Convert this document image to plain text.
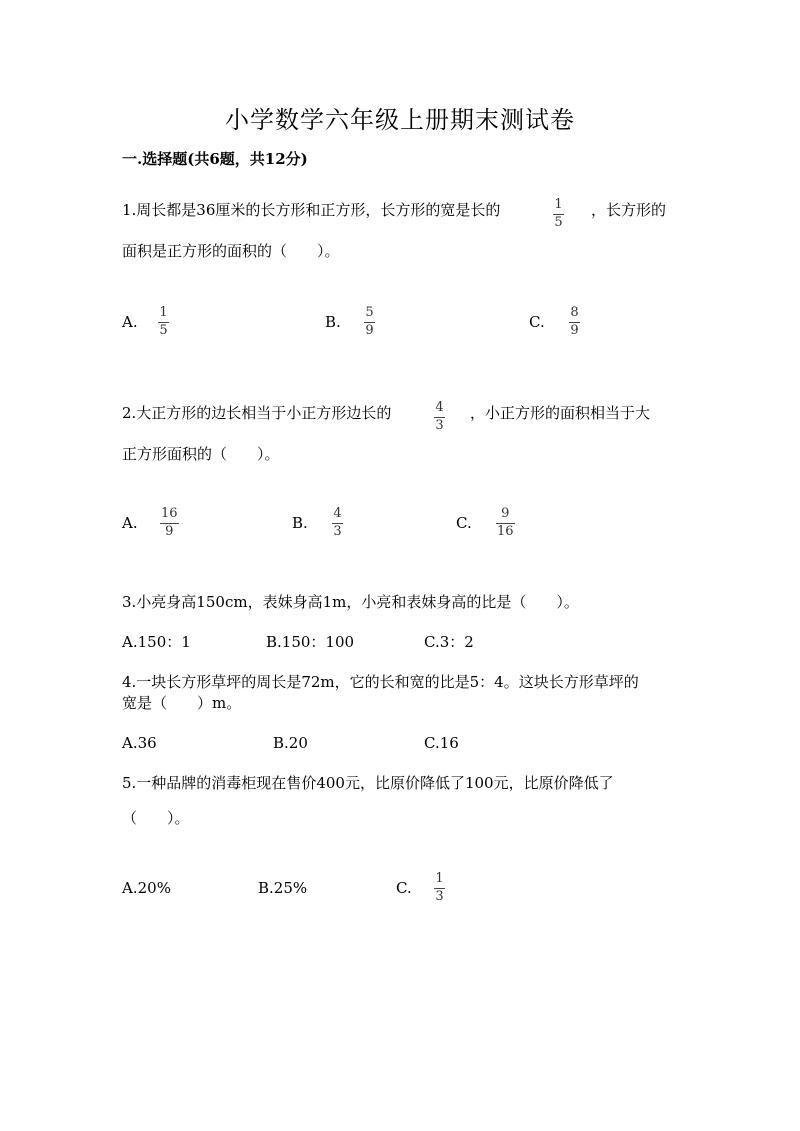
小学数学六年级上册期末测试卷
一.选择题(共6题，共12分)
1.周长都是36厘米的长方形和正方形，长方形的宽是长的	1
5
，长方形的
面积是正方形的面积的（　　）。
A.
1
5	B.
5
9	C.
8
9
2.大正方形的边长相当于小正方形边长的	4
3
，小正方形的面积相当于大
正方形面积的（　　）。
A.
16
9	B.
4
3	C.
9
16
3.小亮身高150cm，表妹身高1m，小亮和表妹身高的比是（　　）。
A.150：1	B.150：100	C.3：2
4.一块长方形草坪的周长是72m，它的长和宽的比是5：4。这块长方形草坪的
宽是（　　）m。
A.36	B.20	C.16
5.一种品牌的消毒柜现在售价400元，比原价降低了100元，比原价降低了
（　　）。
A.20%	B.25%	C.
1
3
